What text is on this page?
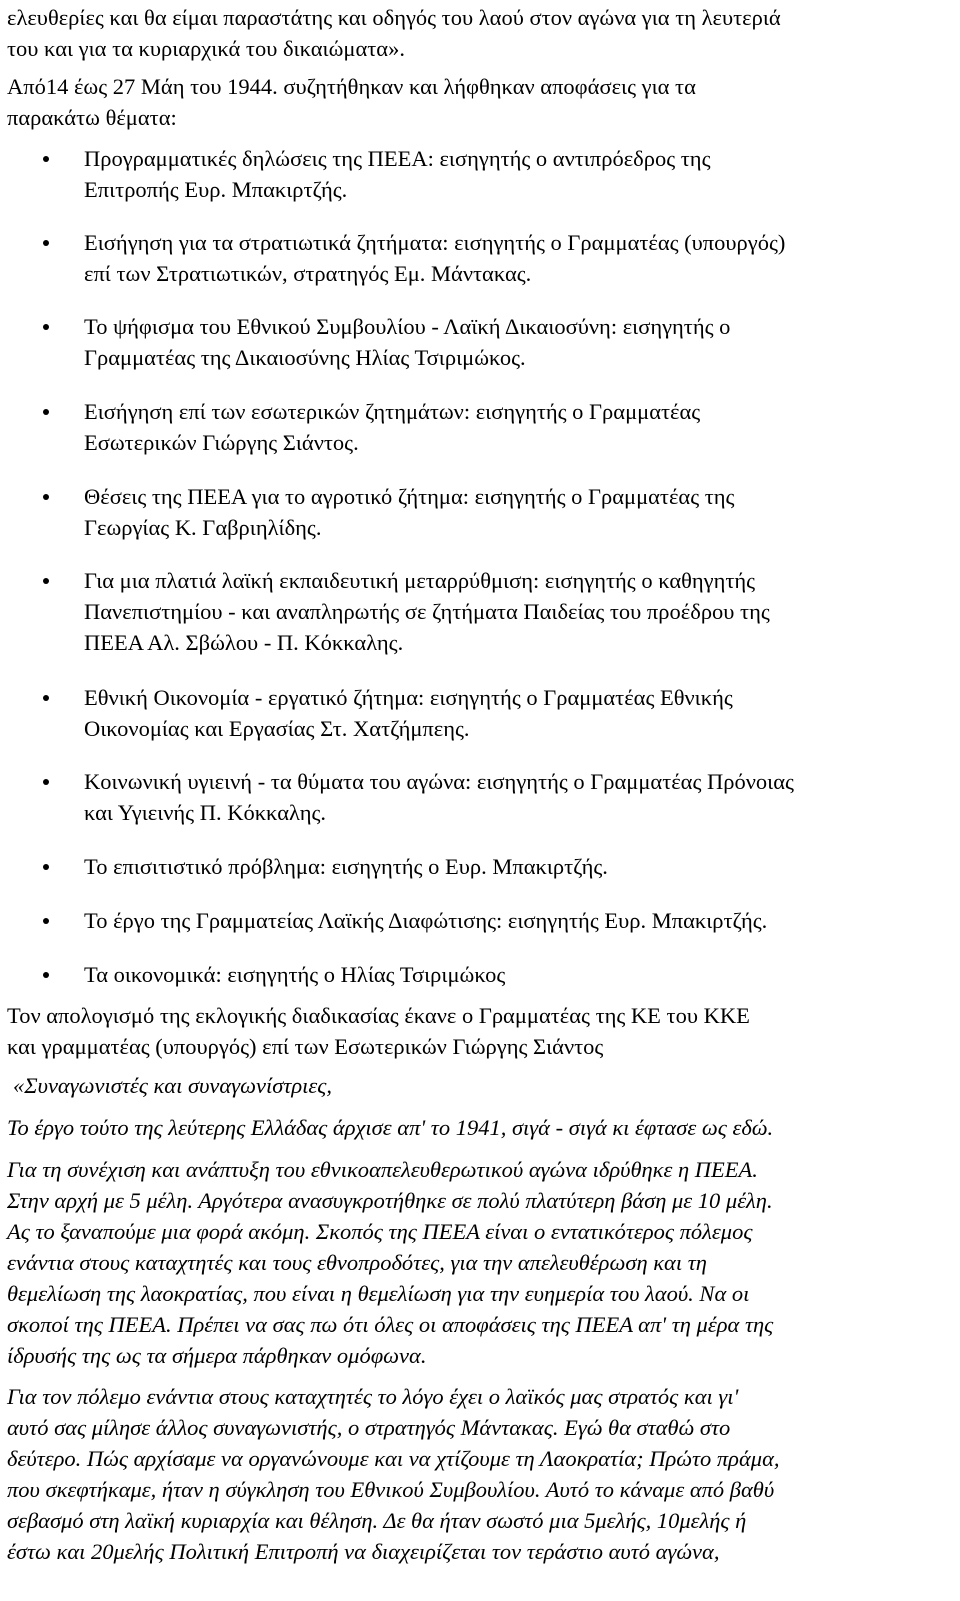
ελευθερίες και θα είμαι παραστάτης και οδηγός του λαού στον αγώνα για τη λευτεριά
του και για τα κυριαρχικά του δικαιώματα».

Από14 έως 27 Μάη του 1944. συζητήθηκαν και λήφθηκαν αποφάσεις για τα
παρακάτω θέματα:

Προγραμματικές δηλώσεις της ΠΕΕΑ: εισηγητής ο αντιπρόεδρος της
Επιτροπής Ευρ. Μπακιρτζής.
Εισήγηση για τα στρατιωτικά ζητήματα: εισηγητής ο Γραμματέας (υπουργός)
επί των Στρατιωτικών, στρατηγός Εμ. Μάντακας.
Το ψήφισμα του Εθνικού Συμβουλίου - Λαϊκή Δικαιοσύνη: εισηγητής ο
Γραμματέας της Δικαιοσύνης Ηλίας Τσιριμώκος.
Εισήγηση επί των εσωτερικών ζητημάτων: εισηγητής ο Γραμματέας
Εσωτερικών Γιώργης Σιάντος.
Θέσεις της ΠΕΕΑ για το αγροτικό ζήτημα: εισηγητής ο Γραμματέας της
Γεωργίας Κ. Γαβριηλίδης.
Για μια πλατιά λαϊκή εκπαιδευτική μεταρρύθμιση: εισηγητής ο καθηγητής
Πανεπιστημίου - και αναπληρωτής σε ζητήματα Παιδείας του προέδρου της
ΠΕΕΑ Αλ. Σβώλου - Π. Κόκκαλης.
Εθνική Οικονομία - εργατικό ζήτημα: εισηγητής ο Γραμματέας Εθνικής
Οικονομίας και Εργασίας Στ. Χατζήμπεης.
Κοινωνική υγιεινή - τα θύματα του αγώνα: εισηγητής ο Γραμματέας Πρόνοιας
και Υγιεινής Π. Κόκκαλης.
Το επισιτιστικό πρόβλημα: εισηγητής ο Ευρ. Μπακιρτζής.
Το έργο της Γραμματείας Λαϊκής Διαφώτισης: εισηγητής Ευρ. Μπακιρτζής.
Τα οικονομικά: εισηγητής ο Ηλίας Τσιριμώκος

Τον απολογισμό της εκλογικής διαδικασίας έκανε ο Γραμματέας της ΚΕ του ΚΚΕ
και γραμματέας (υπουργός) επί των Εσωτερικών Γιώργης Σιάντος

«Συναγωνιστές και συναγωνίστριες,

Το έργο τούτο της λεύτερης Ελλάδας άρχισε απ' το 1941, σιγά - σιγά κι έφτασε ως εδώ.

Για τη συνέχιση και ανάπτυξη του εθνικοαπελευθερωτικού αγώνα ιδρύθηκε η ΠΕΕΑ.
Στην αρχή με 5 μέλη. Αργότερα ανασυγκροτήθηκε σε πολύ πλατύτερη βάση με 10 μέλη.
Ας το ξαναπούμε μια φορά ακόμη. Σκοπός της ΠΕΕΑ είναι ο εντατικότερος πόλεμος
ενάντια στους καταχτητές και τους εθνοπροδότες, για την απελευθέρωση και τη
θεμελίωση της λαοκρατίας, που είναι η θεμελίωση για την ευημερία του λαού. Να οι
σκοποί της ΠΕΕΑ. Πρέπει να σας πω ότι όλες οι αποφάσεις της ΠΕΕΑ απ' τη μέρα της
ίδρυσής της ως τα σήμερα πάρθηκαν ομόφωνα.

Για τον πόλεμο ενάντια στους καταχτητές το λόγο έχει ο λαϊκός μας στρατός και γι'
αυτό σας μίλησε άλλος συναγωνιστής, ο στρατηγός Μάντακας. Εγώ θα σταθώ στο
δεύτερο. Πώς αρχίσαμε να οργανώνουμε και να χτίζουμε τη Λαοκρατία; Πρώτο πράμα,
που σκεφτήκαμε, ήταν η σύγκληση του Εθνικού Συμβουλίου. Αυτό το κάναμε από βαθύ
σεβασμό στη λαϊκή κυριαρχία και θέληση. Δε θα ήταν σωστό μια 5μελής, 10μελής ή
έστω και 20μελής Πολιτική Επιτροπή να διαχειρίζεται τον τεράστιο αυτό αγώνα,
